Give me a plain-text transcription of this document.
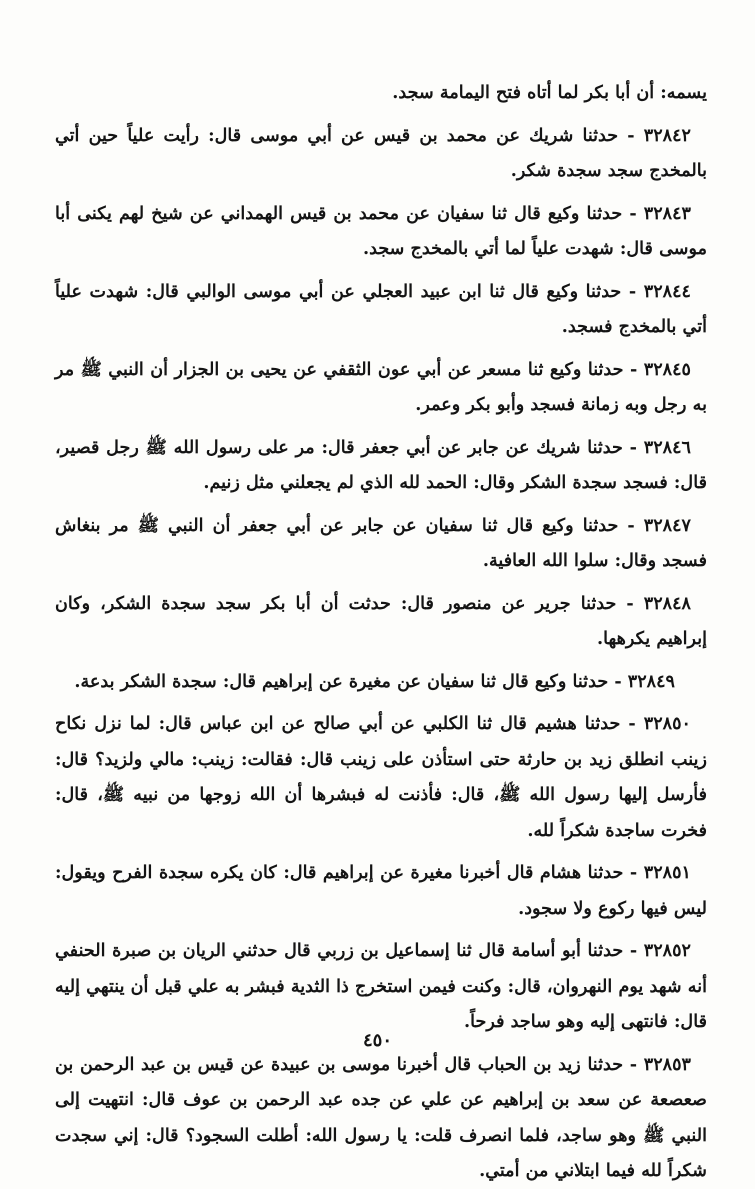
يسمه: أن أبا بكر لما أتاه فتح اليمامة سجد.

٣٢٨٤٢ - حدثنا شريك عن محمد بن قيس عن أبي موسى قال: رأيت علياً حين أتي بالمخدج سجد سجدة شكر.

٣٢٨٤٣ - حدثنا وكيع قال ثنا سفيان عن محمد بن قيس الهمداني عن شيخ لهم يكنى أبا موسى قال: شهدت علياً لما أتي بالمخدج سجد.

٣٢٨٤٤ - حدثنا وكيع قال ثنا ابن عبيد العجلي عن أبي موسى الوالبي قال: شهدت علياً أتي بالمخدج فسجد.

٣٢٨٤٥ - حدثنا وكيع ثنا مسعر عن أبي عون الثقفي عن يحيى بن الجزار أن النبي ﷺ مر به رجل وبه زمانة فسجد وأبو بكر وعمر.

٣٢٨٤٦ - حدثنا شريك عن جابر عن أبي جعفر قال: مر على رسول الله ﷺ رجل قصير، قال: فسجد سجدة الشكر وقال: الحمد لله الذي لم يجعلني مثل زنيم.

٣٢٨٤٧ - حدثنا وكيع قال ثنا سفيان عن جابر عن أبي جعفر أن النبي ﷺ مر بنغاش فسجد وقال: سلوا الله العافية.

٣٢٨٤٨ - حدثنا جرير عن منصور قال: حدثت أن أبا بكر سجد سجدة الشكر، وكان إبراهيم يكرهها.

٣٢٨٤٩ - حدثنا وكيع قال ثنا سفيان عن مغيرة عن إبراهيم قال: سجدة الشكر بدعة.

٣٢٨٥٠ - حدثنا هشيم قال ثنا الكلبي عن أبي صالح عن ابن عباس قال: لما نزل نكاح زينب انطلق زيد بن حارثة حتى استأذن على زينب قال: فقالت: زينب: مالي ولزيد؟ قال: فأرسل إليها رسول الله ﷺ، قال: فأذنت له فبشرها أن الله زوجها من نبيه ﷺ، قال: فخرت ساجدة شكراً لله.

٣٢٨٥١ - حدثنا هشام قال أخبرنا مغيرة عن إبراهيم قال: كان يكره سجدة الفرح ويقول: ليس فيها ركوع ولا سجود.

٣٢٨٥٢ - حدثنا أبو أسامة قال ثنا إسماعيل بن زربي قال حدثني الريان بن صبرة الحنفي أنه شهد يوم النهروان، قال: وكنت فيمن استخرج ذا الثدية فبشر به علي قبل أن ينتهي إليه قال: فانتهى إليه وهو ساجد فرحاً.

٣٢٨٥٣ - حدثنا زيد بن الحباب قال أخبرنا موسى بن عبيدة عن قيس بن عبد الرحمن بن صعصعة عن سعد بن إبراهيم عن علي عن جده عبد الرحمن بن عوف قال: انتهيت إلى النبي ﷺ وهو ساجد، فلما انصرف قلت: يا رسول الله: أطلت السجود؟ قال: إني سجدت شكراً لله فيما ابتلاني من أمتي.

٤٥٠
